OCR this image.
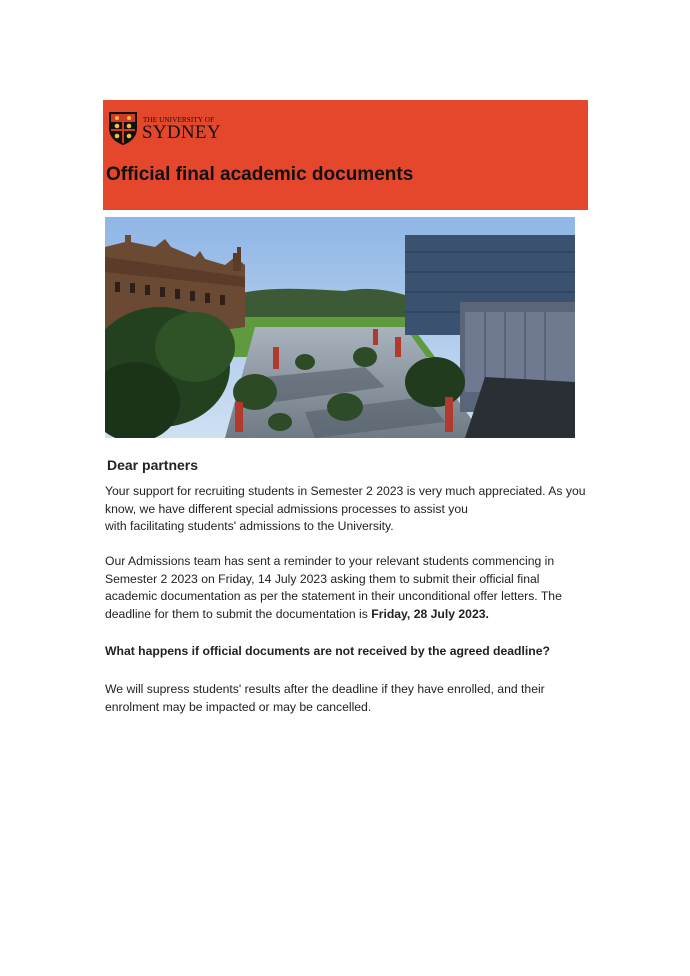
THE UNIVERSITY OF
SYDNEY
Official final academic documents
Dear partners
Your support for recruiting students in Semester 2 2023 is very much appreciated. As you
know, we have different special admissions processes to assist you
with facilitating students' admissions to the University.
Our Admissions team has sent a reminder to your relevant students commencing in
Semester 2 2023 on Friday, 14 July 2023 asking them to submit their official final
academic documentation as per the statement in their unconditional offer letters. The
deadline for them to submit the documentation is Friday, 28 July 2023.
What happens if official documents are not received by the agreed deadline?
We will supress students' results after the deadline if they have enrolled, and their
enrolment may be impacted or may be cancelled.
